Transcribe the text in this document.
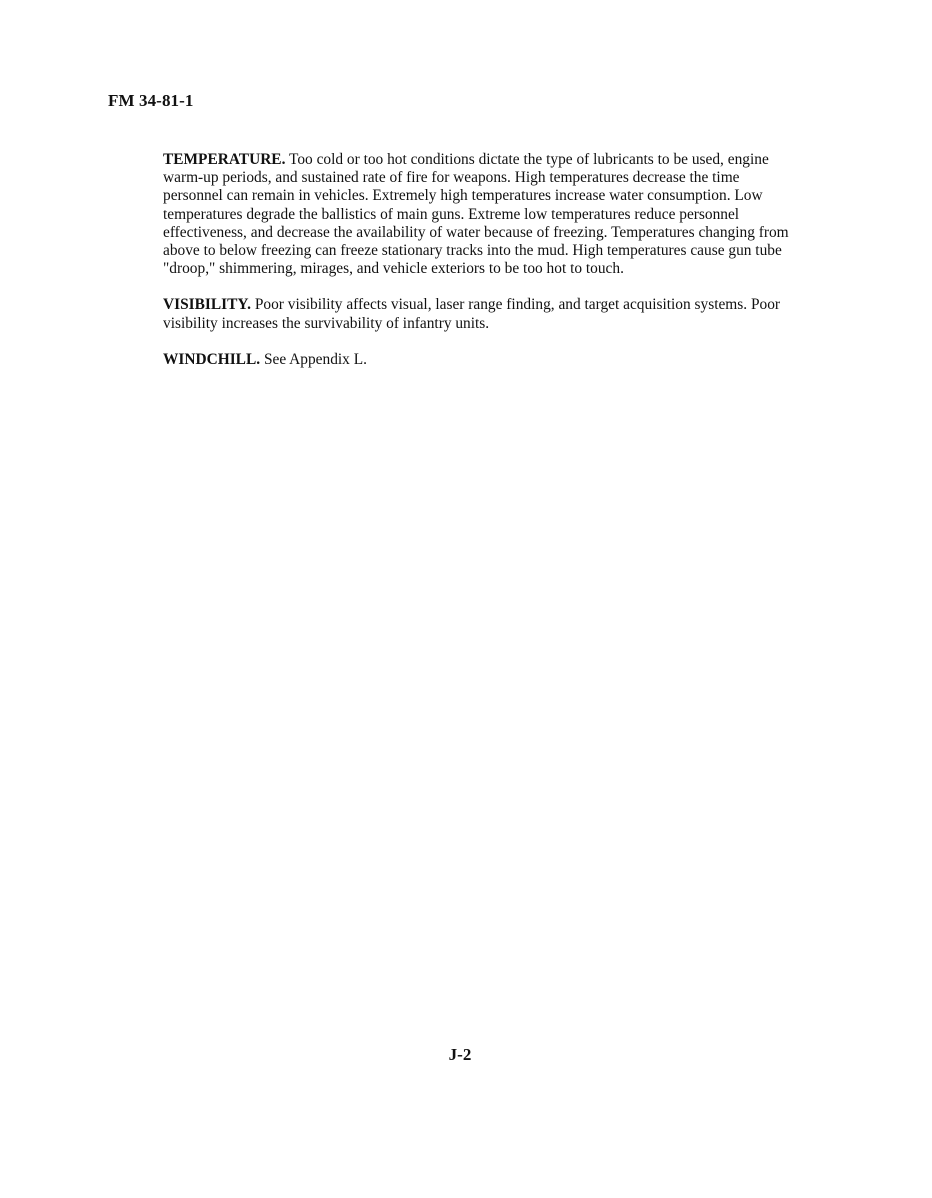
FM 34-81-1

TEMPERATURE. Too cold or too hot conditions dictate the type of lubricants to be used, engine warm-up periods, and sustained rate of fire for weapons. High temperatures decrease the time personnel can remain in vehicles. Extremely high temperatures increase water consumption. Low temperatures degrade the ballistics of main guns. Extreme low temperatures reduce personnel effectiveness, and decrease the availability of water because of freezing. Temperatures changing from above to below freezing can freeze stationary tracks into the mud. High temperatures cause gun tube "droop," shimmering, mirages, and vehicle exteriors to be too hot to touch.

VISIBILITY. Poor visibility affects visual, laser range finding, and target acquisition systems. Poor visibility increases the survivability of infantry units.

WINDCHILL. See Appendix L.

J-2
